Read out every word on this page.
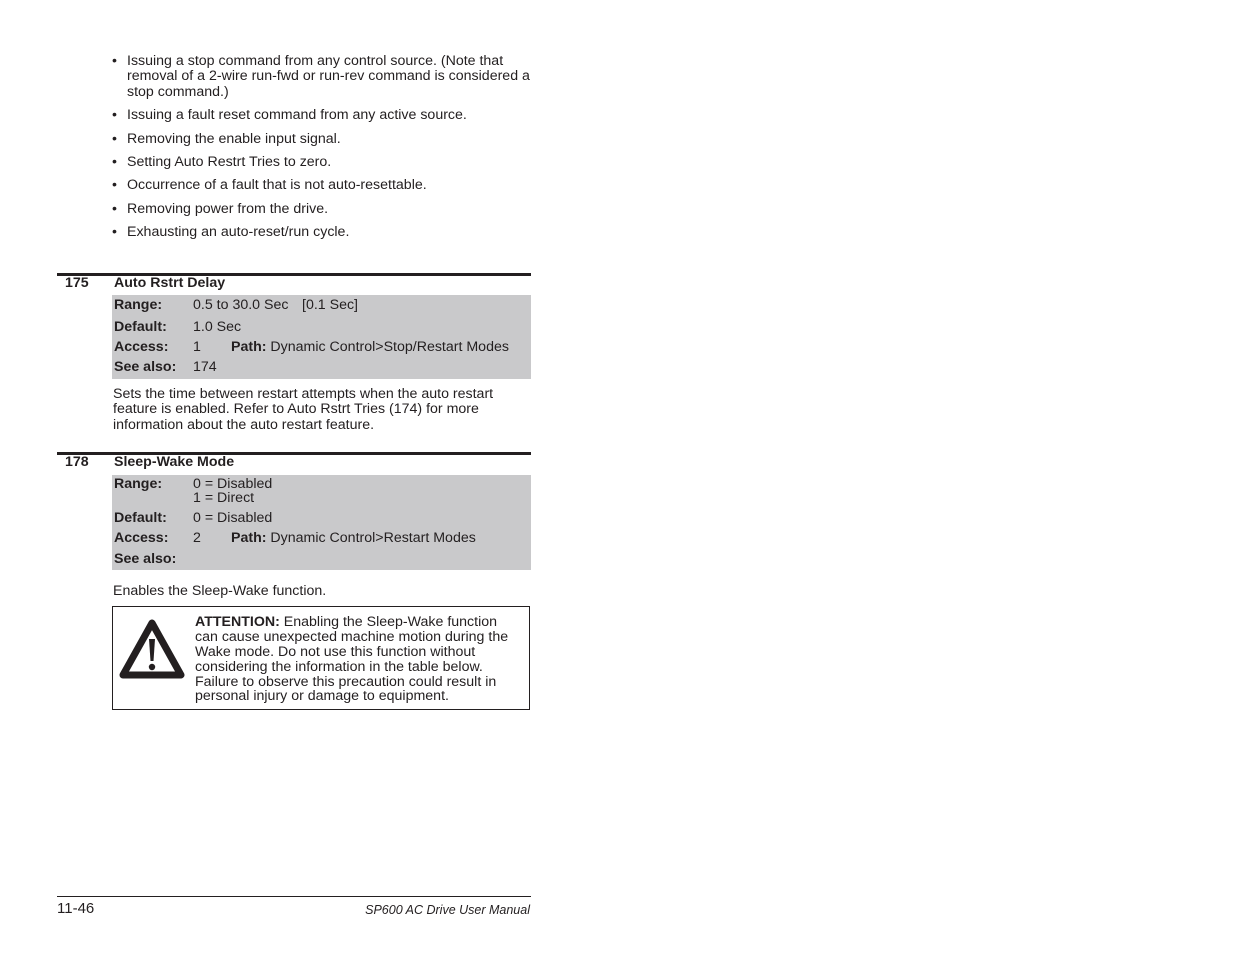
• Issuing a stop command from any control source. (Note that
removal of a 2-wire run-fwd or run-rev command is considered a
stop command.)
• Issuing a fault reset command from any active source.
• Removing the enable input signal.
• Setting Auto Restrt Tries to zero.
• Occurrence of a fault that is not auto-resettable.
• Removing power from the drive.
• Exhausting an auto-reset/run cycle.
175 Auto Rstrt Delay
Range: 0.5 to 30.0 Sec [0.1 Sec]
Default: 1.0 Sec
Access: 1 Path: Dynamic Control>Stop/Restart Modes
See also: 174
Sets the time between restart attempts when the auto restart
feature is enabled. Refer to Auto Rstrt Tries (174) for more
information about the auto restart feature.
178 Sleep-Wake Mode
Range: 0 = Disabled
1 = Direct
Default: 0 = Disabled
Access: 2 Path: Dynamic Control>Restart Modes
See also:
Enables the Sleep-Wake function.
ATTENTION: Enabling the Sleep-Wake function
can cause unexpected machine motion during the
Wake mode. Do not use this function without
considering the information in the table below.
Failure to observe this precaution could result in
personal injury or damage to equipment.
11-46	SP600 AC Drive User Manual
